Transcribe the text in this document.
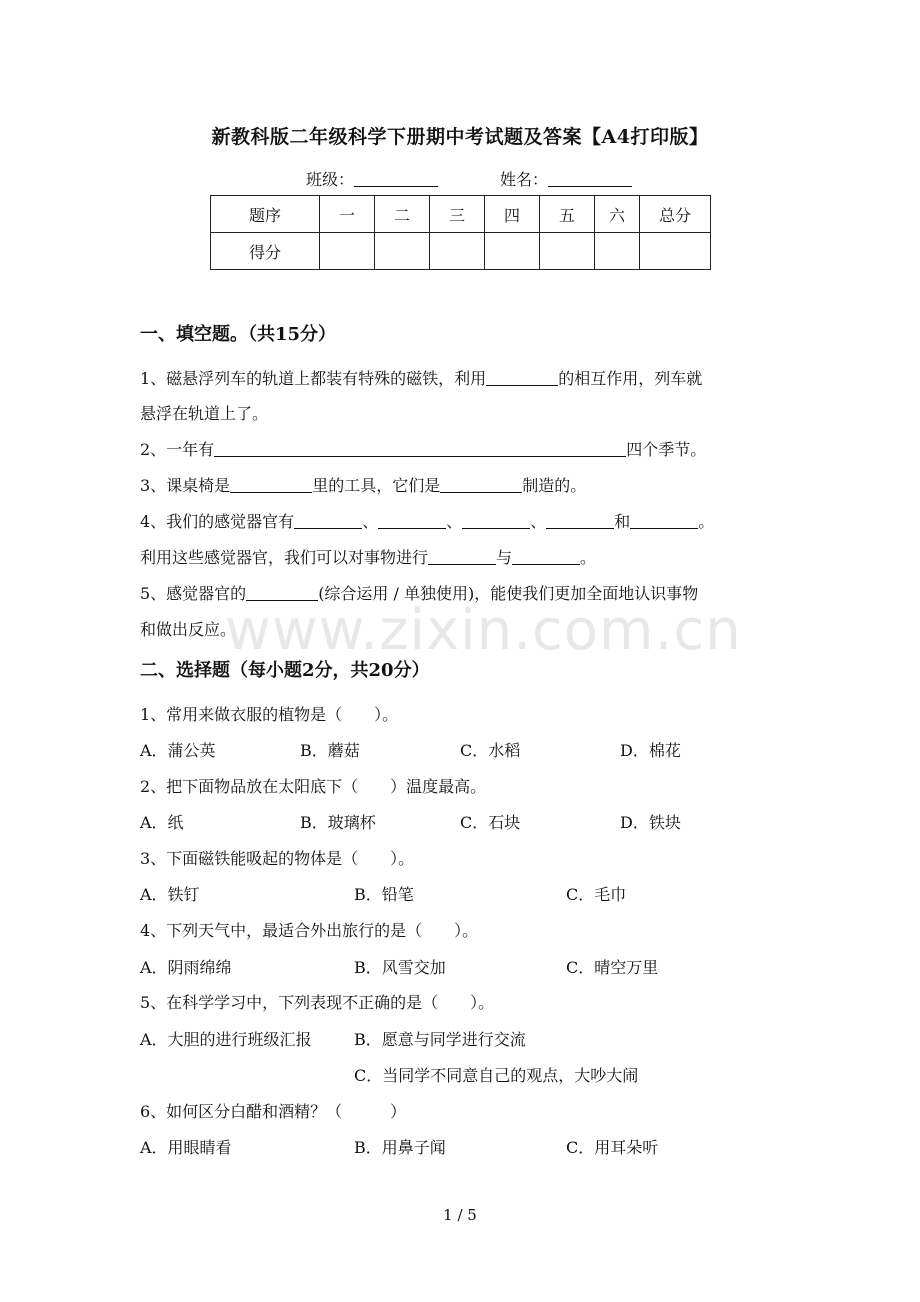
新教科版二年级科学下册期中考试题及答案【A4打印版】
班级：	姓名：
题序	一	二	三	四	五	六	总分
得分							
一、填空题。（共15分）
1、磁悬浮列车的轨道上都装有特殊的磁铁，利用	的相互作用，列车就
悬浮在轨道上了。
2、一年有	四个季节。
3、课桌椅是	里的工具，它们是	制造的。
4、我们的感觉器官有	、	、	、	和	。
利用这些感觉器官，我们可以对事物进行	与	。
5、感觉器官的	(综合运用 / 单独使用)，能使我们更加全面地认识事物
和做出反应。
www.zixin.com.cn
二、选择题（每小题2分，共20分）
1、常用来做衣服的植物是（　　）。
A．蒲公英	B．蘑菇	C．水稻	D．棉花
2、把下面物品放在太阳底下（　　）温度最高。
A．纸	B．玻璃杯	C．石块	D．铁块
3、下面磁铁能吸起的物体是（　　）。
A．铁钉	B．铅笔	C．毛巾
4、下列天气中，最适合外出旅行的是（　　）。
A．阴雨绵绵	B．风雪交加	C．晴空万里
5、在科学学习中，下列表现不正确的是（　　）。
A．大胆的进行班级汇报	B．愿意与同学进行交流
C．当同学不同意自己的观点，大吵大闹
6、如何区分白醋和酒精？（　　　）
A．用眼睛看	B．用鼻子闻	C．用耳朵听
1 / 5
